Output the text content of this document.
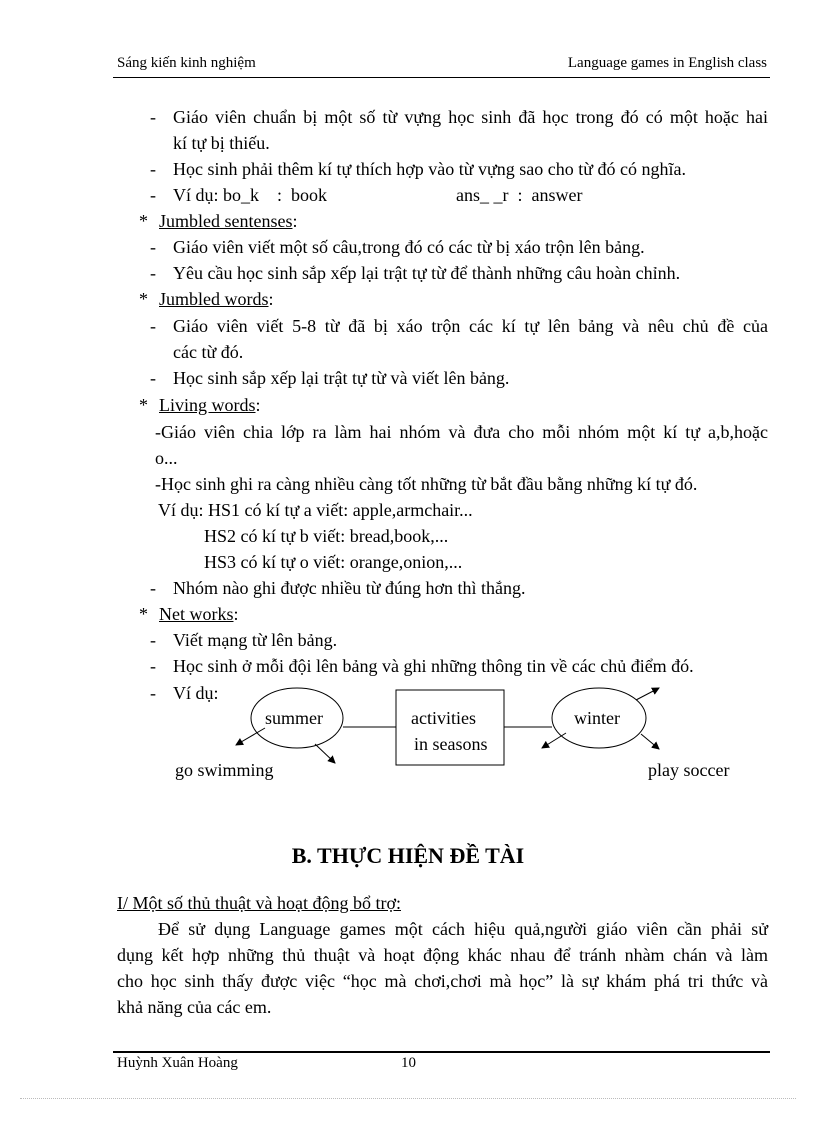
Sáng kiến kinh nghiệm	Language games in English class
- Giáo viên chuẩn bị một số từ vựng học sinh đã học trong đó có một hoặc hai
kí tự bị thiếu.
- Học sinh phải thêm kí tự thích hợp vào từ vựng sao cho từ đó có nghĩa.
- Ví dụ: bo_k    :  book	ans_ _r  :  answer
* Jumbled sentenses:
- Giáo viên viết một số câu,trong đó có các từ bị xáo trộn lên bảng.
- Yêu cầu học sinh sắp xếp lại trật tự từ để thành những câu hoàn chỉnh.
* Jumbled words:
- Giáo viên viết 5-8 từ đã bị xáo trộn các kí tự lên bảng và nêu chủ đề của
các từ đó.
- Học sinh sắp xếp lại trật tự từ và viết lên bảng.
* Living words:
-Giáo viên chia lớp ra làm hai nhóm và đưa cho mỗi nhóm một kí tự a,b,hoặc
o...
-Học sinh ghi ra càng nhiều càng tốt những từ bắt đầu bằng những kí tự đó.
Ví dụ: HS1 có kí tự a viết: apple,armchair...
HS2 có kí tự b viết: bread,book,...
HS3 có kí tự o viết: orange,onion,...
- Nhóm nào ghi được nhiều từ đúng hơn thì thắng.
* Net works:
- Viết mạng từ lên bảng.
- Học sinh ở mỗi đội lên bảng và ghi những thông tin về các chủ điểm đó.
- Ví dụ:
summer	activities
in seasons
winter
go swimming	play soccer
B. THỰC HIỆN ĐỀ TÀI
I/ Một số thủ thuật và hoạt động bổ trợ:
Để sử dụng Language games một cách hiệu quả,người giáo viên cần phải sử
dụng kết hợp những thủ thuật và hoạt động khác nhau để tránh nhàm chán và làm
cho học sinh thấy được việc “học mà chơi,chơi mà học” là sự khám phá tri thức và
khả năng của các em.
Huỳnh Xuân Hoàng	10
